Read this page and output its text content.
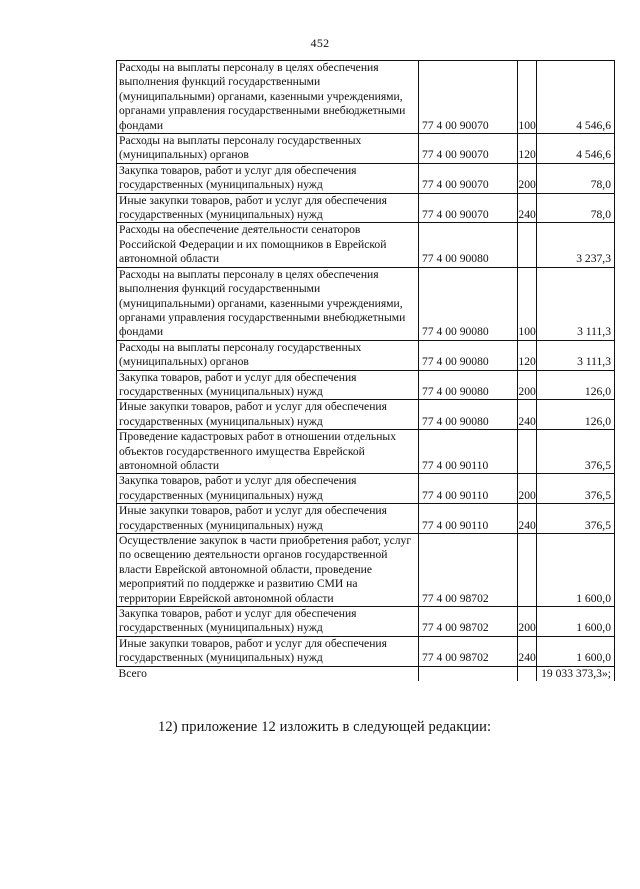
452
Расходы на выплаты персоналу в целях обеспечения выполнения функций государственными (муниципальными) органами, казенными учреждениями, органами управления государственными внебюджетными фондами	77 4 00 90070	100	4 546,6
Расходы на выплаты персоналу государственных (муниципальных) органов	77 4 00 90070	120	4 546,6
Закупка товаров, работ и услуг для обеспечения государственных (муниципальных) нужд	77 4 00 90070	200	78,0
Иные закупки товаров, работ и услуг для обеспечения государственных (муниципальных) нужд	77 4 00 90070	240	78,0
Расходы на обеспечение деятельности сенаторов Российской Федерации и их помощников в Еврейской автономной области	77 4 00 90080		3 237,3
Расходы на выплаты персоналу в целях обеспечения выполнения функций государственными (муниципальными) органами, казенными учреждениями, органами управления государственными внебюджетными фондами	77 4 00 90080	100	3 111,3
Расходы на выплаты персоналу государственных (муниципальных) органов	77 4 00 90080	120	3 111,3
Закупка товаров, работ и услуг для обеспечения государственных (муниципальных) нужд	77 4 00 90080	200	126,0
Иные закупки товаров, работ и услуг для обеспечения государственных (муниципальных) нужд	77 4 00 90080	240	126,0
Проведение кадастровых работ в отношении отдельных объектов государственного имущества Еврейской автономной области	77 4 00 90110		376,5
Закупка товаров, работ и услуг для обеспечения государственных (муниципальных) нужд	77 4 00 90110	200	376,5
Иные закупки товаров, работ и услуг для обеспечения государственных (муниципальных) нужд	77 4 00 90110	240	376,5
Осуществление закупок в части приобретения работ, услуг по освещению деятельности органов государственной власти Еврейской автономной области, проведение мероприятий по поддержке и развитию СМИ на территории Еврейской автономной области	77 4 00 98702		1 600,0
Закупка товаров, работ и услуг для обеспечения государственных (муниципальных) нужд	77 4 00 98702	200	1 600,0
Иные закупки товаров, работ и услуг для обеспечения государственных (муниципальных) нужд	77 4 00 98702	240	1 600,0
Всего			19 033 373,3»;
12) приложение 12 изложить в следующей редакции:
